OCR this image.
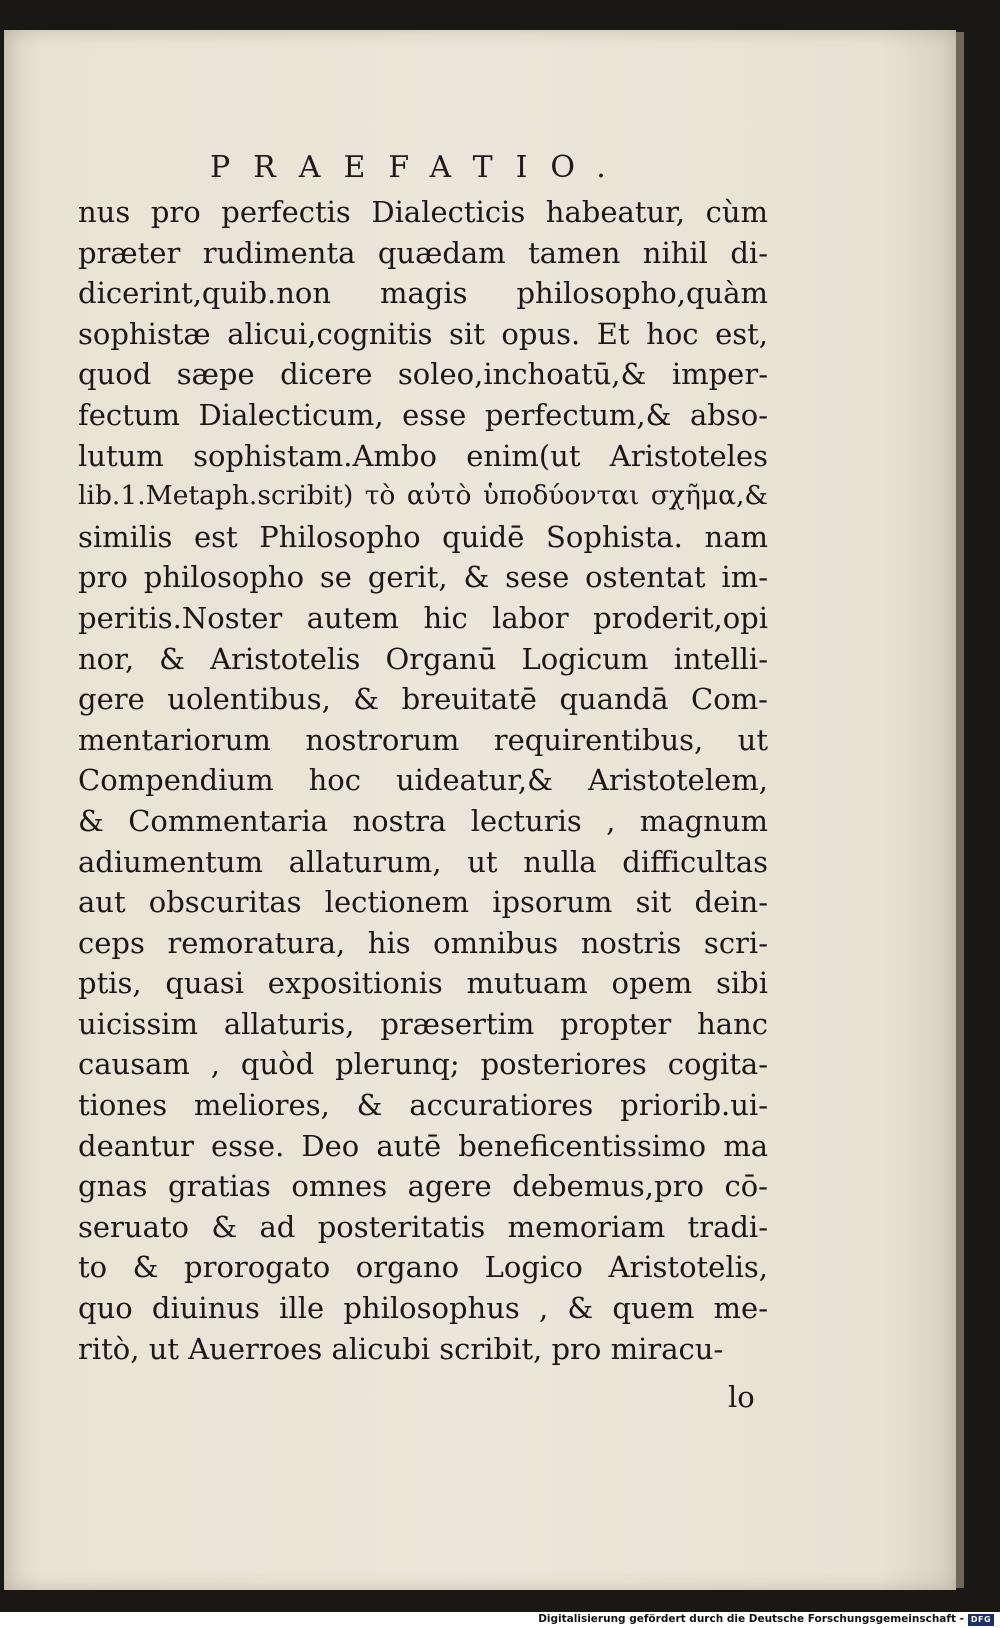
PRAEFATIO.
nus pro perfectis Dialecticis habeatur, cùm
præter rudimenta quædam tamen nihil di-
dicerint,quib.non magis philosopho,quàm
sophistæ alicui,cognitis sit opus. Et hoc est,
quod sæpe dicere soleo,inchoatū,& imper-
fectum Dialecticum, esse perfectum,& abso-
lutum sophistam.Ambo enim(ut Aristoteles
lib.1.Metaph.scribit) τὸ αὐτὸ ὑποδύονται σχῆμα,&
similis est Philosopho quidē Sophista. nam
pro philosopho se gerit, & sese ostentat im-
peritis.Noster autem hic labor proderit,opi
nor, & Aristotelis Organū Logicum intelli-
gere uolentibus, & breuitatē quandā Com-
mentariorum nostrorum requirentibus, ut
Compendium hoc uideatur,& Aristotelem,
& Commentaria nostra lecturis , magnum
adiumentum allaturum, ut nulla difficultas
aut obscuritas lectionem ipsorum sit dein-
ceps remoratura, his omnibus nostris scri-
ptis, quasi expositionis mutuam opem sibi
uicissim allaturis, præsertim propter hanc
causam , quòd plerunq; posteriores cogita-
tiones meliores, & accuratiores priorib.ui-
deantur esse. Deo autē beneficentissimo ma
gnas gratias omnes agere debemus,pro cō-
seruato & ad posteritatis memoriam tradi-
to & prorogato organo Logico Aristotelis,
quo diuinus ille philosophus , & quem me-
ritò, ut Auerroes alicubi scribit, pro miracu-
lo
Digitalisierung gefördert durch die Deutsche Forschungsgemeinschaft - DFG
